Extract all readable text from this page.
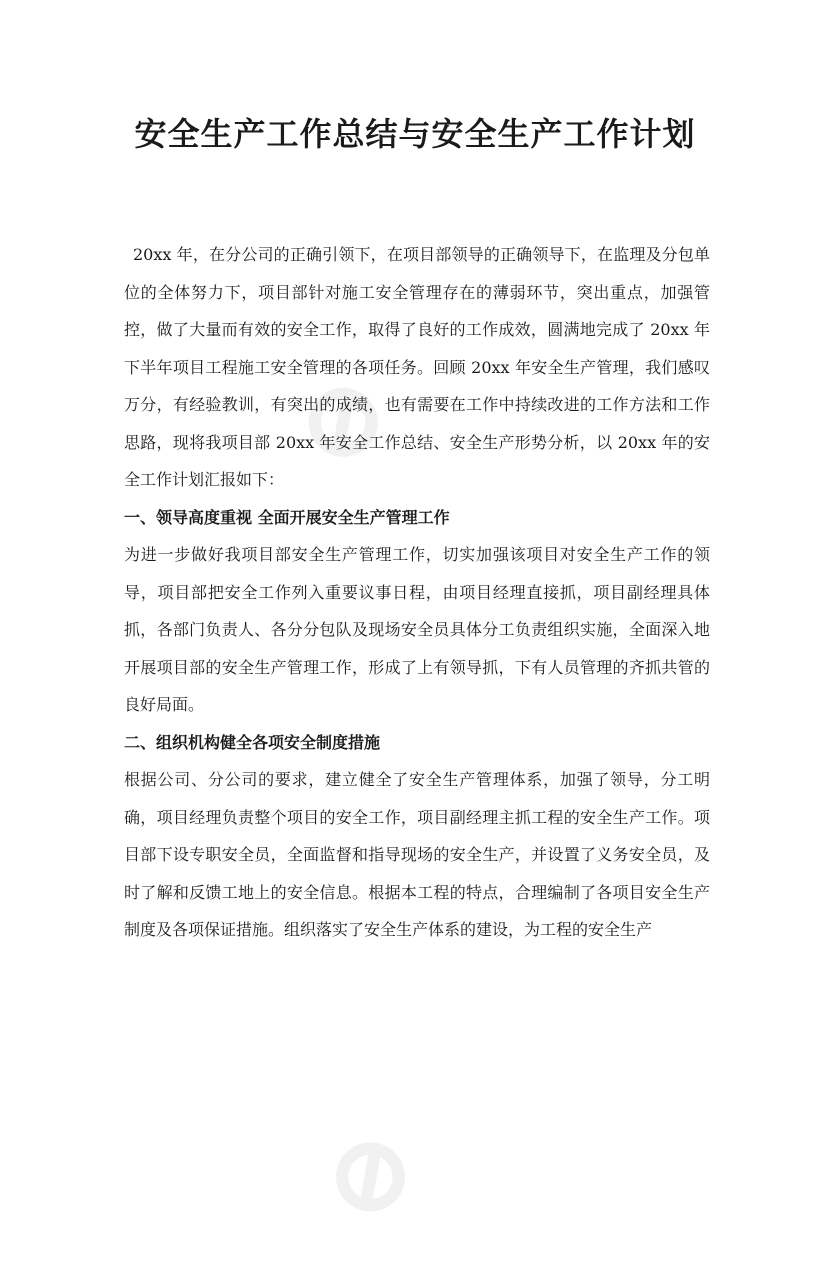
⊘
⊘
安全生产工作总结与安全生产工作计划

20xx 年，在分公司的正确引领下，在项目部领导的正确领导下，在监理及分包单位的全体努力下，项目部针对施工安全管理存在的薄弱环节，突出重点，加强管控，做了大量而有效的安全工作，取得了良好的工作成效，圆满地完成了 20xx 年下半年项目工程施工安全管理的各项任务。回顾 20xx 年安全生产管理，我们感叹万分，有经验教训，有突出的成绩，也有需要在工作中持续改进的工作方法和工作思路，现将我项目部 20xx 年安全工作总结、安全生产形势分析，以 20xx 年的安全工作计划汇报如下：

一、领导高度重视 全面开展安全生产管理工作

为进一步做好我项目部安全生产管理工作，切实加强该项目对安全生产工作的领导，项目部把安全工作列入重要议事日程，由项目经理直接抓，项目副经理具体抓，各部门负责人、各分分包队及现场安全员具体分工负责组织实施，全面深入地开展项目部的安全生产管理工作，形成了上有领导抓，下有人员管理的齐抓共管的良好局面。

二、组织机构健全各项安全制度措施

根据公司、分公司的要求，建立健全了安全生产管理体系，加强了领导，分工明确，项目经理负责整个项目的安全工作，项目副经理主抓工程的安全生产工作。项目部下设专职安全员，全面监督和指导现场的安全生产，并设置了义务安全员，及时了解和反馈工地上的安全信息。根据本工程的特点，合理编制了各项目安全生产制度及各项保证措施。组织落实了安全生产体系的建设，为工程的安全生产
